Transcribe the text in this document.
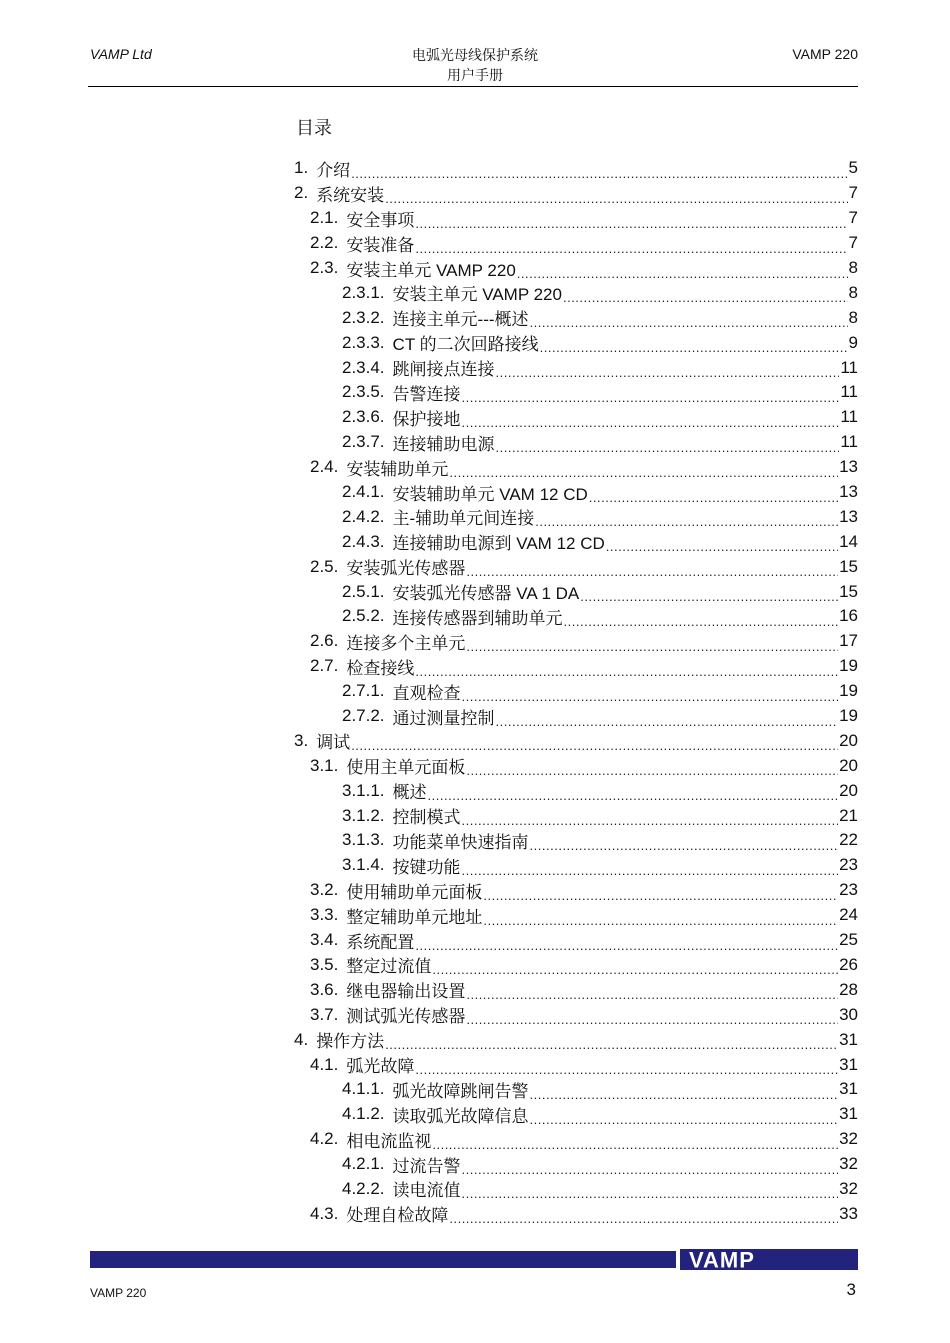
VAMP Ltd	电弧光母线保护系统
用户手册
VAMP 220
目录
1. 介绍 .....	5
2. 系统安装 .....	7
2.1. 安全事项 .....	7
2.2. 安装准备 .....	7
2.3. 安装主单元 VAMP 220 .....	8
2.3.1. 安装主单元 VAMP 220 .....	8
2.3.2. 连接主单元---概述 .....	8
2.3.3. CT 的二次回路接线 .....	9
2.3.4. 跳闸接点连接 .....	11
2.3.5. 告警连接 .....	11
2.3.6. 保护接地 .....	11
2.3.7. 连接辅助电源 .....	11
2.4. 安装辅助单元 .....	13
2.4.1. 安装辅助单元 VAM 12 CD .....	13
2.4.2. 主-辅助单元间连接 .....	13
2.4.3. 连接辅助电源到 VAM 12 CD .....	14
2.5. 安装弧光传感器 .....	15
2.5.1. 安装弧光传感器 VA 1 DA .....	15
2.5.2. 连接传感器到辅助单元 .....	16
2.6. 连接多个主单元 .....	17
2.7. 检查接线 .....	19
2.7.1. 直观检查 .....	19
2.7.2. 通过测量控制 .....	19
3. 调试 .....	20
3.1. 使用主单元面板 .....	20
3.1.1. 概述 .....	20
3.1.2. 控制模式 .....	21
3.1.3. 功能菜单快速指南 .....	22
3.1.4. 按键功能 .....	23
3.2. 使用辅助单元面板 .....	23
3.3. 整定辅助单元地址 .....	24
3.4. 系统配置 .....	25
3.5. 整定过流值 .....	26
3.6. 继电器输出设置 .....	28
3.7. 测试弧光传感器 .....	30
4. 操作方法 .....	31
4.1. 弧光故障 .....	31
4.1.1. 弧光故障跳闸告警 .....	31
4.1.2. 读取弧光故障信息 .....	31
4.2. 相电流监视 .....	32
4.2.1. 过流告警 .....	32
4.2.2. 读电流值 .....	32
4.3. 处理自检故障 .....	33
VAMP
VAMP 220	3
